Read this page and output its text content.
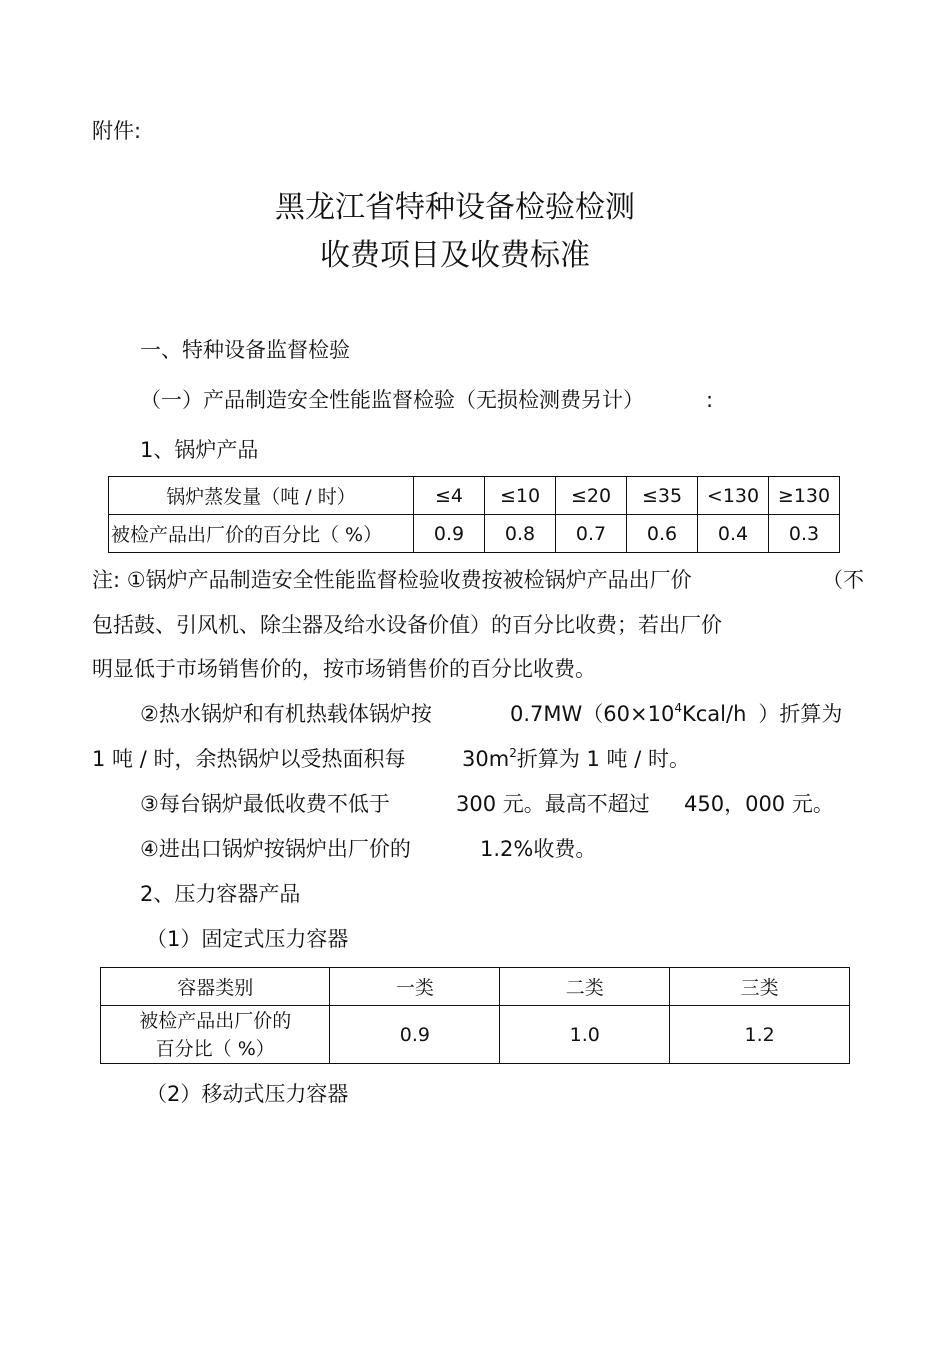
附件:
黑龙江省特种设备检验检测
收费项目及收费标准
一、特种设备监督检验
（一）产品制造安全性能监督检验（无损检测费另计）	:
1、锅炉产品
锅炉蒸发量（吨 / 时）	≤4	≤10	≤20	≤35	<130	≥130
被检产品出厂价的百分比（ %）	0.9	0.8	0.7	0.6	0.4	0.3
注: ①锅炉产品制造安全性能监督检验收费按被检锅炉产品出厂价	（不
包括鼓、引风机、除尘器及给水设备价值）的百分比收费；若出厂价
明显低于市场销售价的，按市场销售价的百分比收费。
②热水锅炉和有机热载体锅炉按	$0.7MW(60\times 10^4Kcal/h$ ）折算为
1 吨 / 时，余热锅炉以受热面积每	$30m^2$折算为 1 吨 / 时。
③每台锅炉最低收费不低于	300 元。最高不超过 450，000 元。
④进出口锅炉按锅炉出厂价的	1.2%收费。
2、压力容器产品
（1）固定式压力容器
容器类别	一类	二类	三类

被检产品出厂价的
百分比（ %）	0.9	1.0	1.2
（2）移动式压力容器
